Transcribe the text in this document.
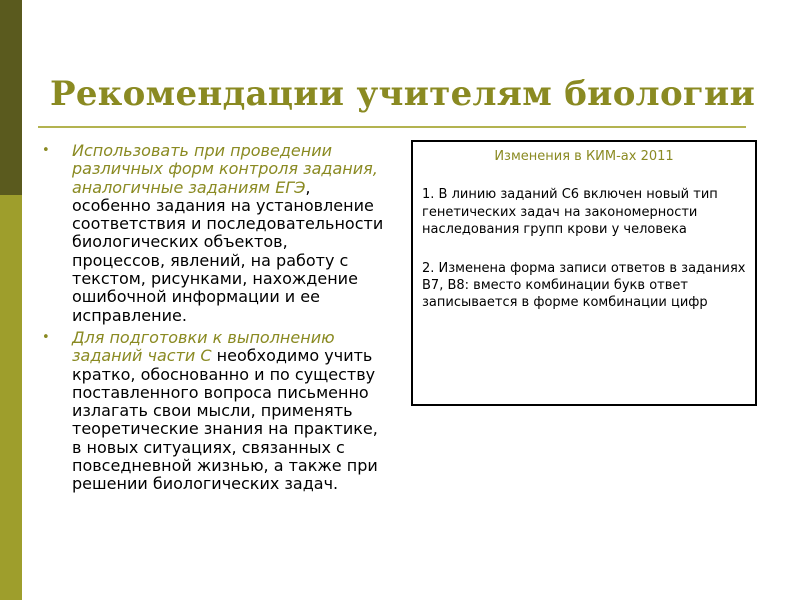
Рекомендации учителям биологии
• Использовать при проведении различных форм контроля задания, аналогичные заданиям ЕГЭ, особенно задания на установление соответствия и последовательности биологических объектов, процессов, явлений, на работу с текстом, рисунками, нахождение ошибочной информации и ее исправление.
• Для подготовки к выполнению заданий части С необходимо учить кратко, обоснованно и по существу поставленного вопроса письменно излагать свои мысли, применять теоретические знания на практике, в новых ситуациях, связанных с повседневной жизнью, а также при решении биологических задач.
Изменения в КИМ-ах 2011

1. В линию заданий С6 включен новый тип генетических задач на закономерности наследования групп крови у человека

2. Изменена форма записи ответов в заданиях В7, В8: вместо комбинации букв ответ записывается в форме комбинации цифр
